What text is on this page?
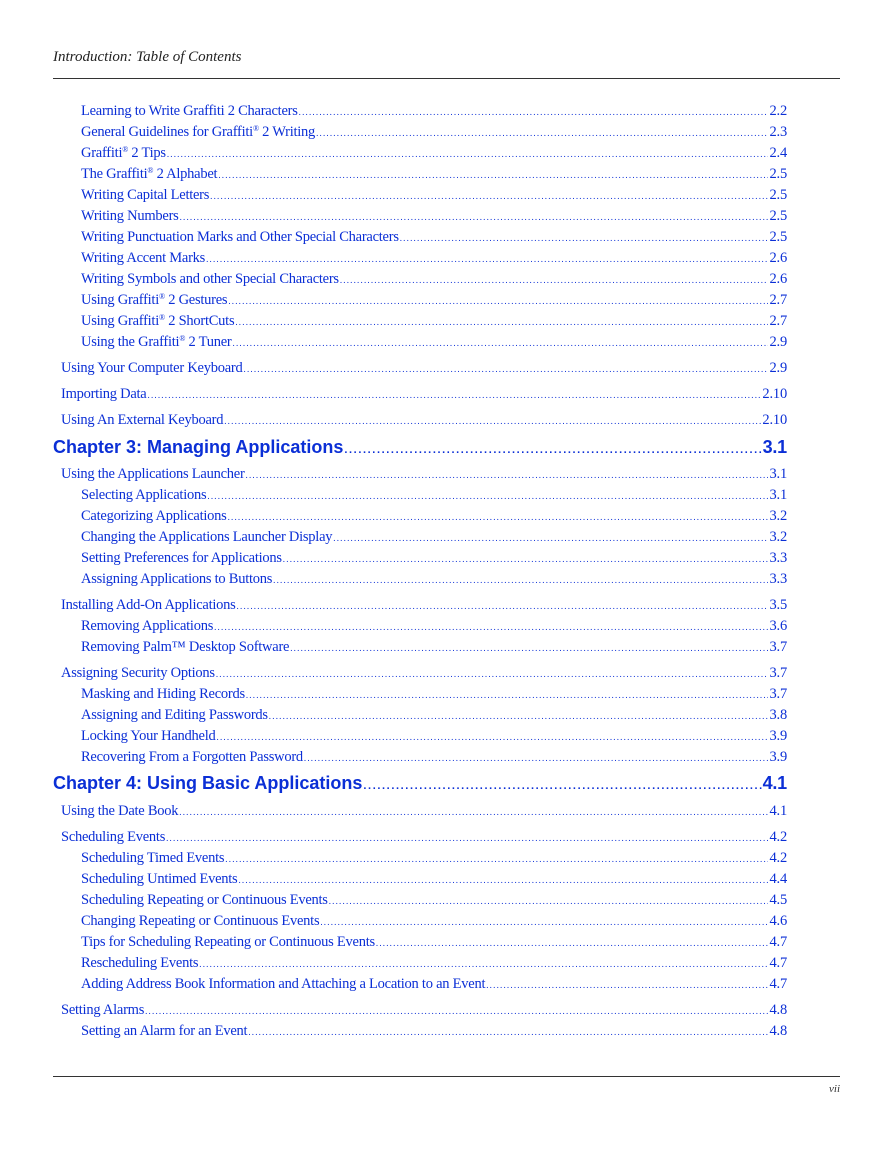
Introduction: Table of Contents
Learning to Write Graffiti 2 Characters .....	2.2
General Guidelines for Graffiti® 2 Writing .....	2.3
Graffiti® 2 Tips .....	2.4
The Graffiti® 2 Alphabet .....	2.5
Writing Capital Letters .....	2.5
Writing Numbers .....	2.5
Writing Punctuation Marks and Other Special Characters .....	2.5
Writing Accent Marks .....	2.6
Writing Symbols and other Special Characters .....	2.6
Using Graffiti® 2 Gestures .....	2.7
Using Graffiti® 2 ShortCuts .....	2.7
Using the Graffiti® 2 Tuner .....	2.9
Using Your Computer Keyboard .....	2.9
Importing Data .....	2.10
Using An External Keyboard .....	2.10
Chapter 3: Managing Applications .....	3.1
Using the Applications Launcher .....	3.1
Selecting Applications .....	3.1
Categorizing Applications .....	3.2
Changing the Applications Launcher Display .....	3.2
Setting Preferences for Applications .....	3.3
Assigning Applications to Buttons .....	3.3
Installing Add-On Applications .....	3.5
Removing Applications .....	3.6
Removing Palm™ Desktop Software .....	3.7
Assigning Security Options .....	3.7
Masking and Hiding Records .....	3.7
Assigning and Editing Passwords .....	3.8
Locking Your Handheld .....	3.9
Recovering From a Forgotten Password .....	3.9
Chapter 4: Using Basic Applications .....	4.1
Using the Date Book .....	4.1
Scheduling Events .....	4.2
Scheduling Timed Events .....	4.2
Scheduling Untimed Events .....	4.4
Scheduling Repeating or Continuous Events .....	4.5
Changing Repeating or Continuous Events .....	4.6
Tips for Scheduling Repeating or Continuous Events .....	4.7
Rescheduling Events .....	4.7
Adding Address Book Information and Attaching a Location to an Event .....	4.7
Setting Alarms .....	4.8
Setting an Alarm for an Event .....	4.8
vii
